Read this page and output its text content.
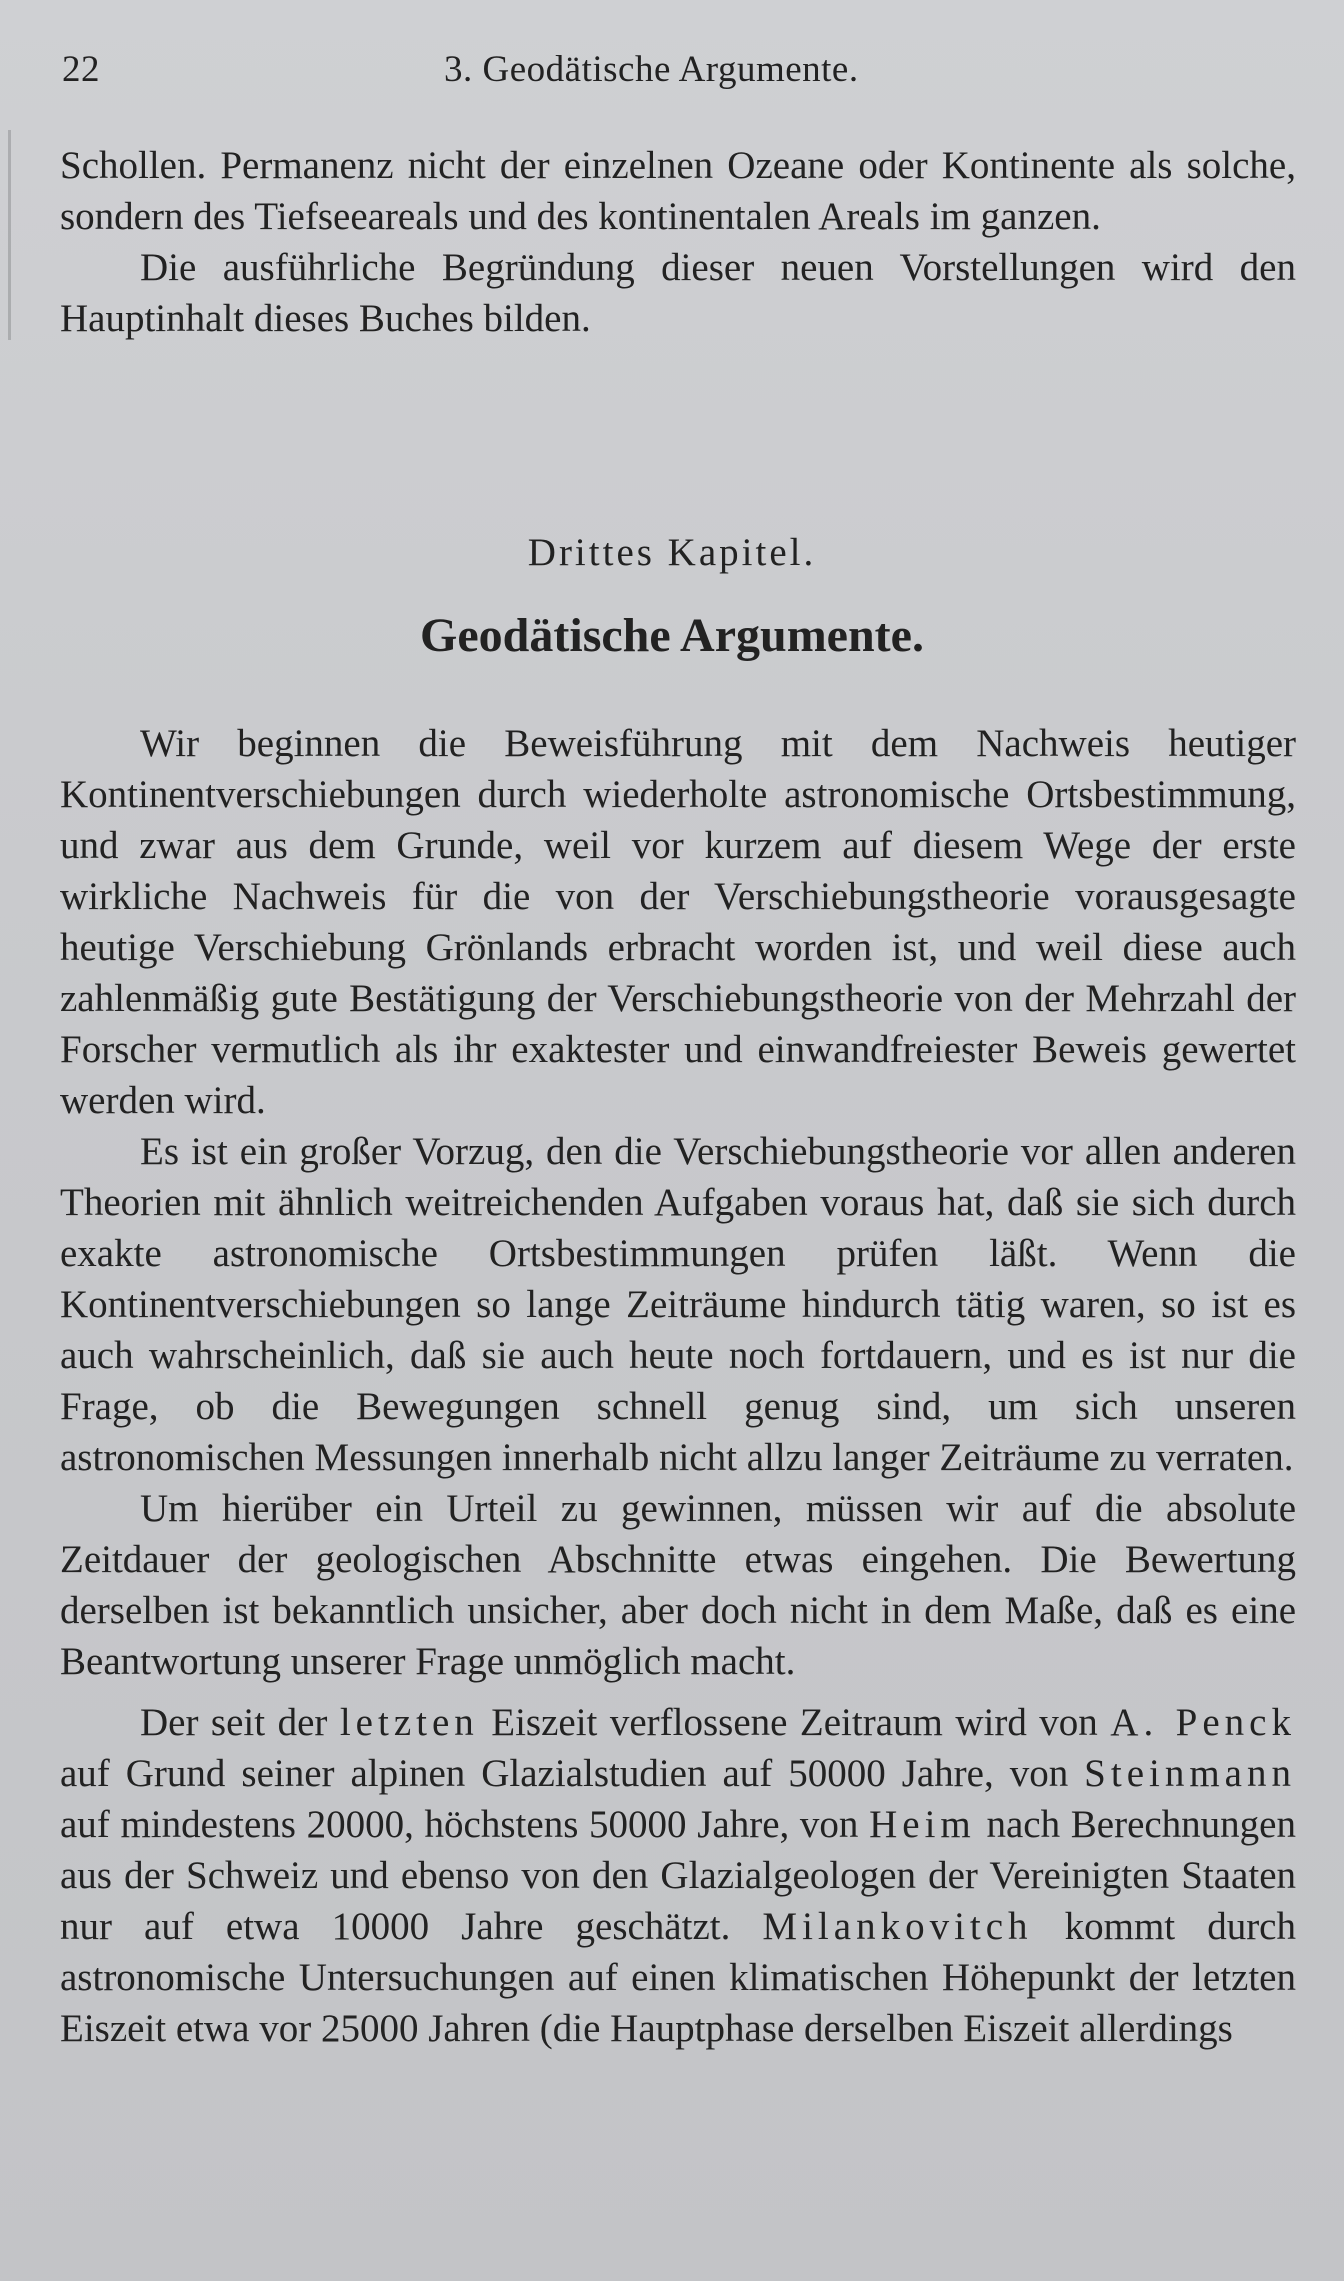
22	3. Geodätische Argumente.

Schollen. Permanenz nicht der einzelnen Ozeane oder Kontinente als solche, sondern des Tiefseeareals und des kontinentalen Areals im ganzen.

Die ausführliche Begründung dieser neuen Vorstellungen wird den Hauptinhalt dieses Buches bilden.

Drittes Kapitel.
Geodätische Argumente.

Wir beginnen die Beweisführung mit dem Nachweis heutiger Kontinentverschiebungen durch wiederholte astronomische Ortsbestimmung, und zwar aus dem Grunde, weil vor kurzem auf diesem Wege der erste wirkliche Nachweis für die von der Verschiebungstheorie vorausgesagte heutige Verschiebung Grönlands erbracht worden ist, und weil diese auch zahlenmäßig gute Bestätigung der Verschiebungstheorie von der Mehrzahl der Forscher vermutlich als ihr exaktester und einwandfreiester Beweis gewertet werden wird.

Es ist ein großer Vorzug, den die Verschiebungstheorie vor allen anderen Theorien mit ähnlich weitreichenden Aufgaben voraus hat, daß sie sich durch exakte astronomische Ortsbestimmungen prüfen läßt. Wenn die Kontinentverschiebungen so lange Zeiträume hindurch tätig waren, so ist es auch wahrscheinlich, daß sie auch heute noch fortdauern, und es ist nur die Frage, ob die Bewegungen schnell genug sind, um sich unseren astronomischen Messungen innerhalb nicht allzu langer Zeiträume zu verraten.

Um hierüber ein Urteil zu gewinnen, müssen wir auf die absolute Zeitdauer der geologischen Abschnitte etwas eingehen. Die Bewertung derselben ist bekanntlich unsicher, aber doch nicht in dem Maße, daß es eine Beantwortung unserer Frage unmöglich macht.

Der seit der letzten Eiszeit verflossene Zeitraum wird von A. Penck auf Grund seiner alpinen Glazialstudien auf 50000 Jahre, von Steinmann auf mindestens 20000, höchstens 50000 Jahre, von Heim nach Berechnungen aus der Schweiz und ebenso von den Glazialgeologen der Vereinigten Staaten nur auf etwa 10000 Jahre geschätzt. Milankovitch kommt durch astronomische Untersuchungen auf einen klimatischen Höhepunkt der letzten Eiszeit etwa vor 25000 Jahren (die Hauptphase derselben Eiszeit allerdings
